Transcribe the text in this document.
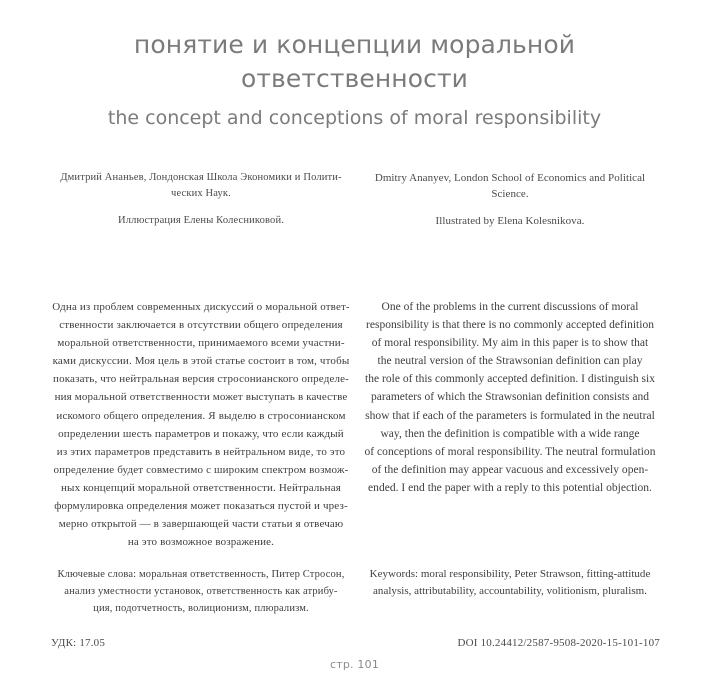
понятие и концепции моральной ответственности
the concept and conceptions of moral responsibility
Дмитрий Ананьев, Лондонская Школа Экономики и Полити-
ческих Наук.
Dmitry Ananyev, London School of Economics and Political
Science.
Иллюстрация Елены Колесниковой.	Illustrated by Elena Kolesnikova.
Одна из проблем современных дискуссий о моральной ответ-
ственности заключается в отсутствии общего определения
моральной ответственности, принимаемого всеми участни-
ками дискуссии. Моя цель в этой статье состоит в том, чтобы
показать, что нейтральная версия стросонианского определе-
ния моральной ответственности может выступать в качестве
искомого общего определения. Я выделю в стросонианском
определении шесть параметров и покажу, что если каждый
из этих параметров представить в нейтральном виде, то это
определение будет совместимо с широким спектром возмож-
ных концепций моральной ответственности. Нейтральная
формулировка определения может показаться пустой и чрез-
мерно открытой — в завершающей части статьи я отвечаю
на это возможное возражение.
One of the problems in the current discussions of moral
responsibility is that there is no commonly accepted definition
of moral responsibility. My aim in this paper is to show that
the neutral version of the Strawsonian definition can play
the role of this commonly accepted definition. I distinguish six
parameters of which the Strawsonian definition consists and
show that if each of the parameters is formulated in the neutral
way, then the definition is compatible with a wide range
of conceptions of moral responsibility. The neutral formulation
of the definition may appear vacuous and excessively open-
ended. I end the paper with a reply to this potential objection.
Ключевые слова: моральная ответственность, Питер Стросон,
анализ уместности установок, ответственность как атрибу-
ция, подотчетность, волиционизм, плюрализм.
Keywords: moral responsibility, Peter Strawson, fitting-attitude
analysis, attributability, accountability, volitionism, pluralism.
УДК: 17.05	DOI 10.24412/2587-9508-2020-15-101-107
стр. 101
